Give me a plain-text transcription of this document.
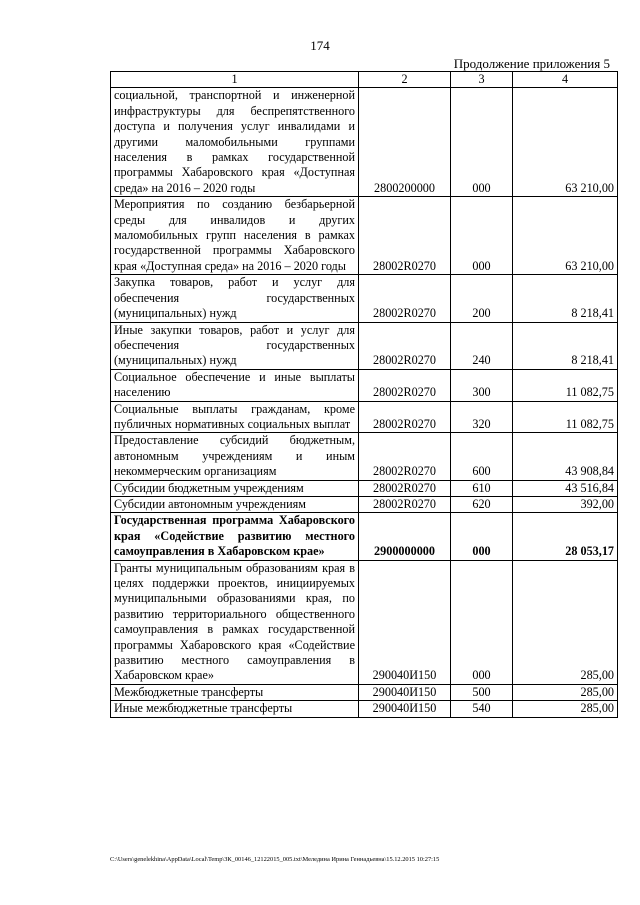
174
Продолжение приложения 5
1	2	3	4
социальной, транспортной и инженерной инфраструктуры для беспрепятственного доступа и получения услуг инвалидами и другими маломобильными группами населения в рамках государственной программы Хабаровского края «Доступная среда» на 2016 – 2020 годы	2800200000	000	63 210,00
Мероприятия по созданию безбарьерной среды для инвалидов и других маломобильных групп населения в рамках государственной программы Хабаровского края «Доступная среда» на 2016 – 2020 годы	28002R0270	000	63 210,00
Закупка товаров, работ и услуг для обеспечения государственных (муниципальных) нужд	28002R0270	200	8 218,41
Иные закупки товаров, работ и услуг для обеспечения государственных (муниципальных) нужд	28002R0270	240	8 218,41
Социальное обеспечение и иные выплаты населению	28002R0270	300	11 082,75
Социальные выплаты гражданам, кроме публичных нормативных социальных выплат	28002R0270	320	11 082,75
Предоставление субсидий бюджетным, автономным учреждениям и иным некоммерческим организациям	28002R0270	600	43 908,84
Субсидии бюджетным учреждениям	28002R0270	610	43 516,84
Субсидии автономным учреждениям	28002R0270	620	392,00
Государственная программа Хабаровского края «Содействие развитию местного самоуправления в Хабаровском крае»	2900000000	000	28 053,17
Гранты муниципальным образованиям края в целях поддержки проектов, инициируемых муниципальными образованиями края, по развитию территориального общественного самоуправления в рамках государственной программы Хабаровского края «Содействие развитию местного самоуправления в Хабаровском крае»	290040И150	000	285,00
Межбюджетные трансферты	290040И150	500	285,00
Иные межбюджетные трансферты	290040И150	540	285,00
C:\Users\genelekhina\AppData\Local\Temp\ЗК_00146_12122015_005.txt\Меледина Ирина Геннадьевна\15.12.2015 10:27:15
